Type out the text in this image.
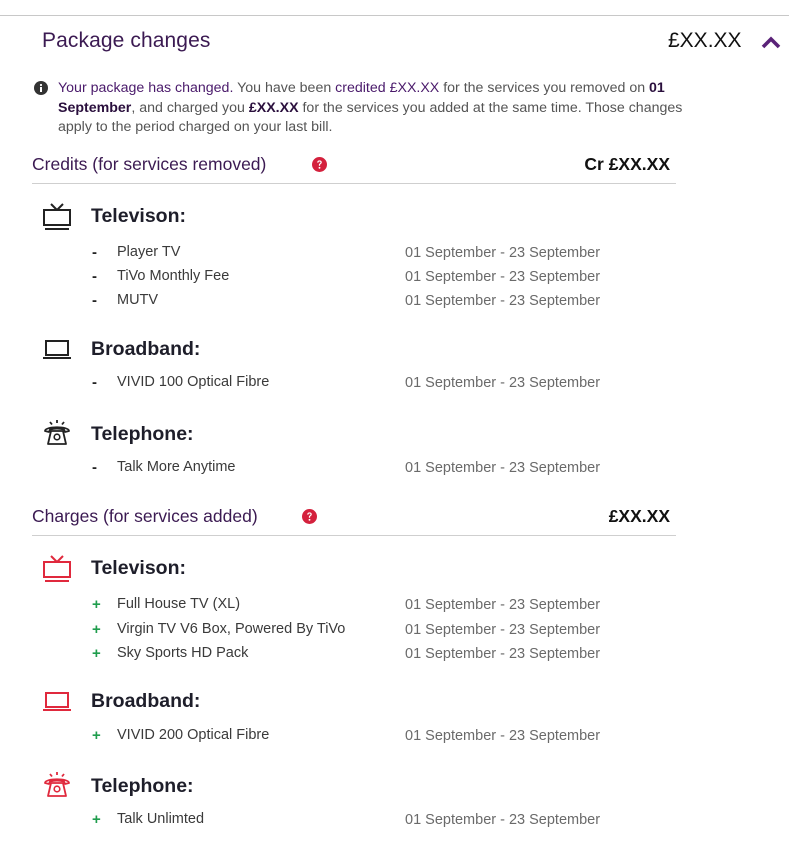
Package changes	£XX.XX
Your package has changed. You have been credited £XX.XX for the services you removed on 01 September, and charged you £XX.XX for the services you added at the same time. Those changes apply to the period charged on your last bill.
Credits (for services removed)	Cr £XX.XX
Televison:
-	Player TV	01 September - 23 September
-	TiVo Monthly Fee	01 September - 23 September
-	MUTV	01 September - 23 September
Broadband:
-	VIVID 100 Optical Fibre	01 September - 23 September
Telephone:
-	Talk More Anytime	01 September - 23 September
Charges (for services added)	£XX.XX
Televison:
+	Full House TV (XL)	01 September - 23 September
+	Virgin TV V6 Box, Powered By TiVo	01 September - 23 September
+	Sky Sports HD Pack	01 September - 23 September
Broadband:
+	VIVID 200 Optical Fibre	01 September - 23 September
Telephone:
+	Talk Unlimted	01 September - 23 September
